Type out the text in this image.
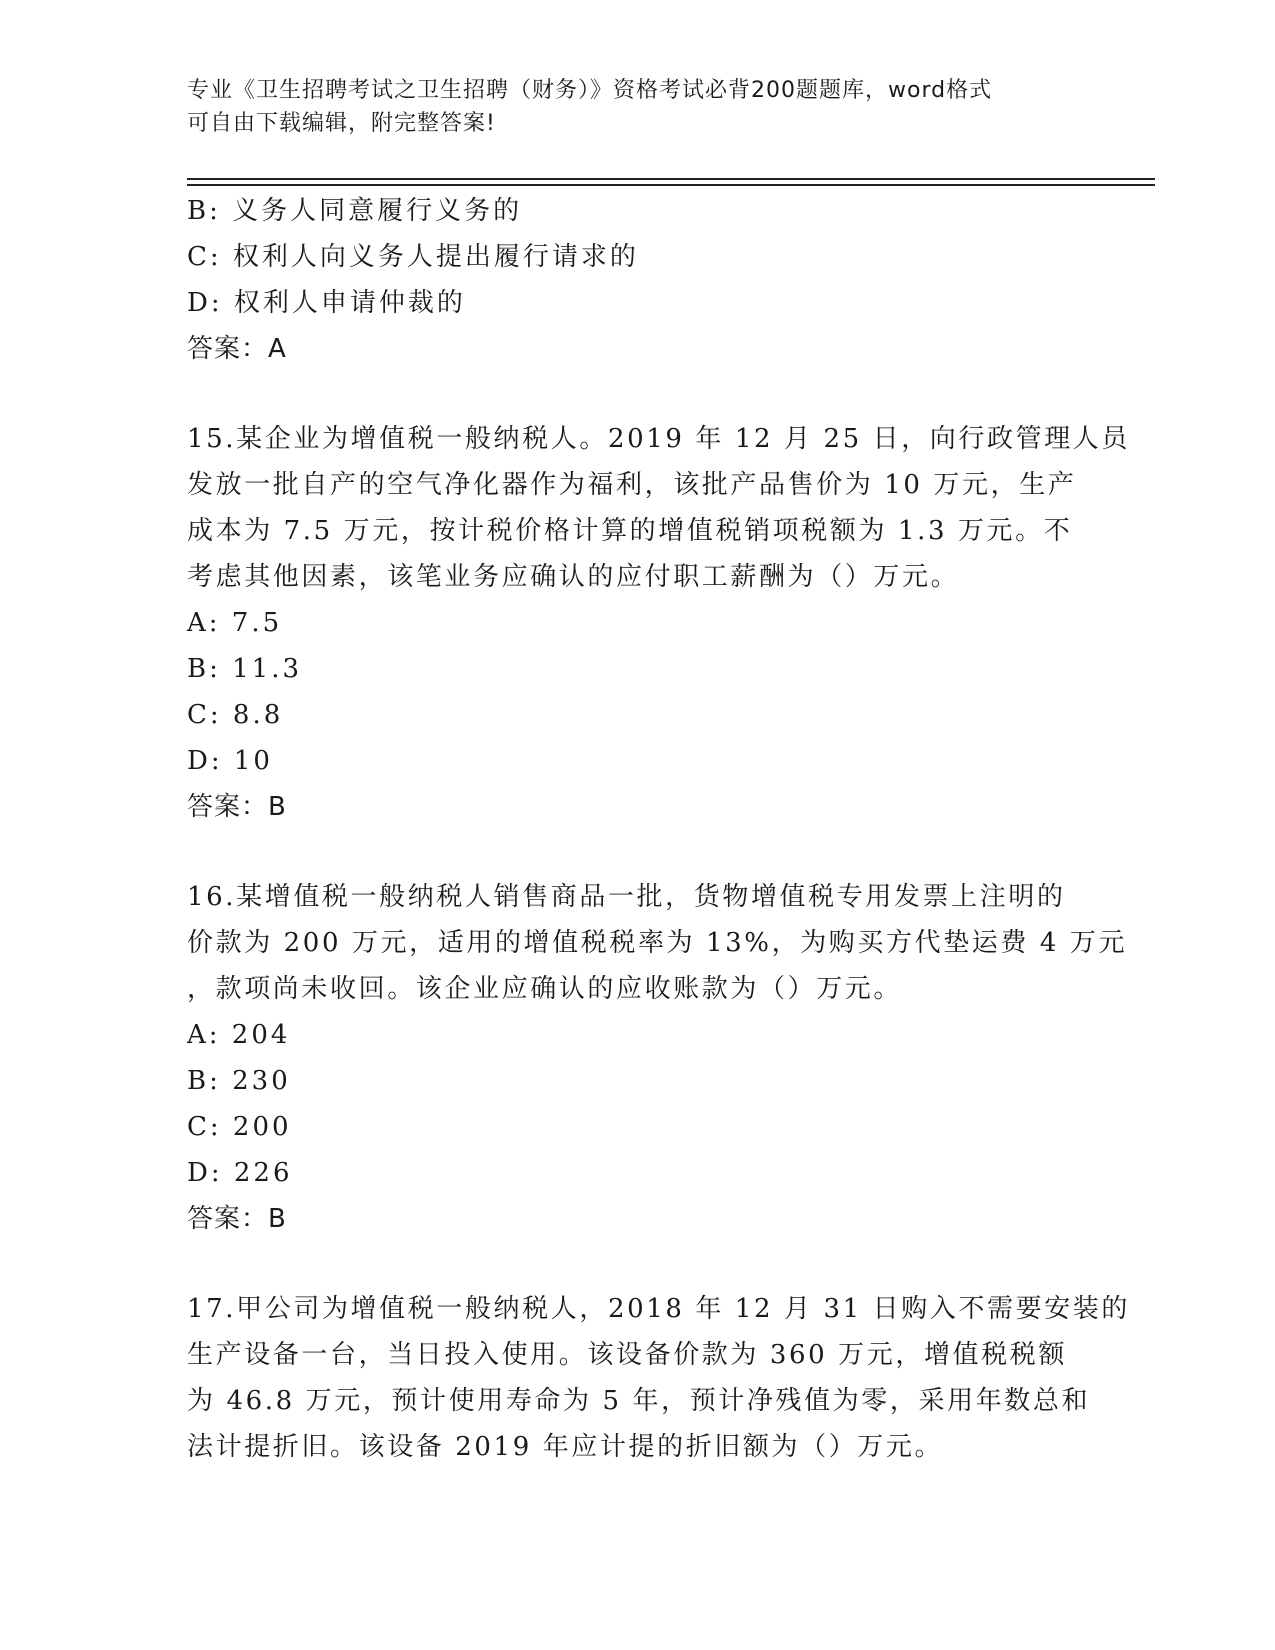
专业《卫生招聘考试之卫生招聘（财务）》资格考试必背200题题库，word格式
可自由下载编辑，附完整答案!
B: 义务人同意履行义务的
C: 权利人向义务人提出履行请求的
D: 权利人申请仲裁的
答案：A
15.某企业为增值税一般纳税人。2019 年 12 月 25 日，向行政管理人员
发放一批自产的空气净化器作为福利，该批产品售价为 10 万元，生产
成本为 7.5 万元，按计税价格计算的增值税销项税额为 1.3 万元。不
考虑其他因素，该笔业务应确认的应付职工薪酬为（）万元。
A: 7.5
B: 11.3
C: 8.8
D: 10
答案：B
16.某增值税一般纳税人销售商品一批，货物增值税专用发票上注明的
价款为 200 万元，适用的增值税税率为 13%，为购买方代垫运费 4 万元
，款项尚未收回。该企业应确认的应收账款为（）万元。
A: 204
B: 230
C: 200
D: 226
答案：B
17.甲公司为增值税一般纳税人，2018 年 12 月 31 日购入不需要安装的
生产设备一台，当日投入使用。该设备价款为 360 万元，增值税税额
为 46.8 万元，预计使用寿命为 5 年，预计净残值为零，采用年数总和
法计提折旧。该设备 2019 年应计提的折旧额为（）万元。
